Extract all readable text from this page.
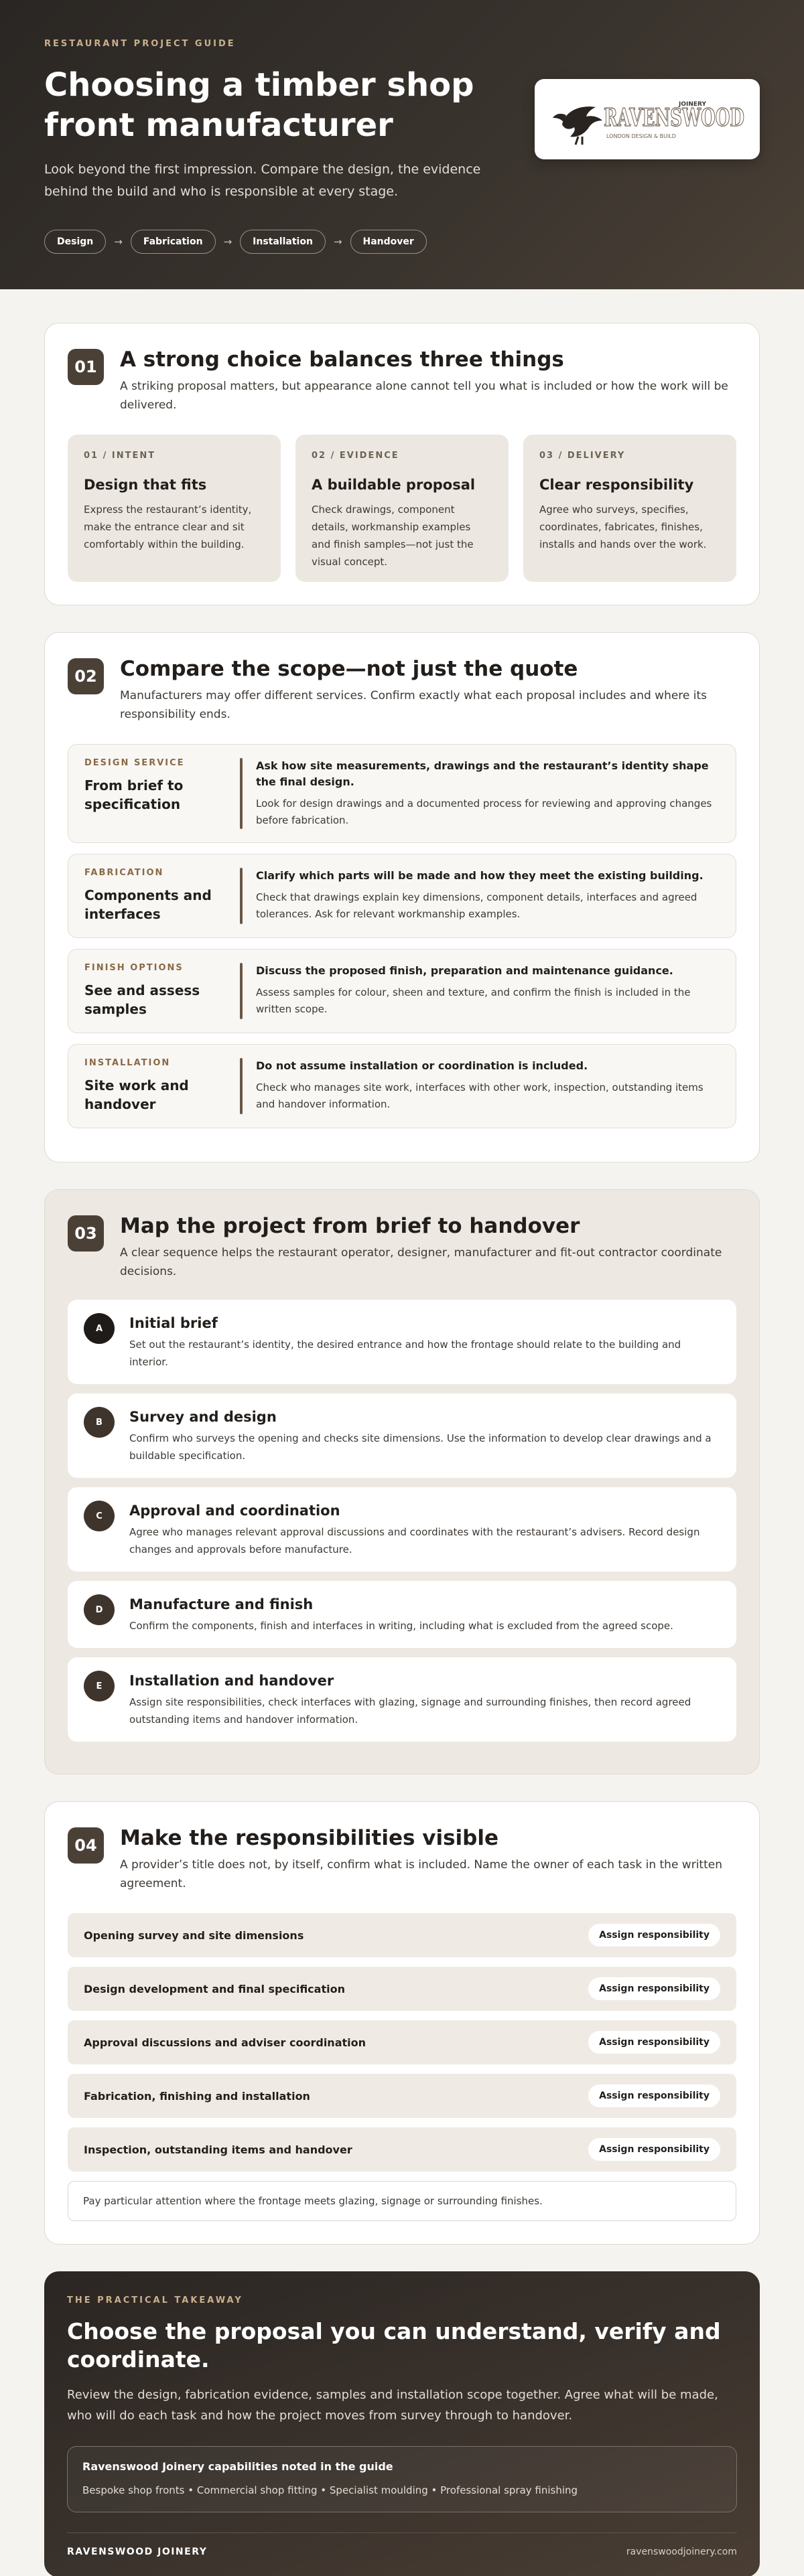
RESTAURANT PROJECT GUIDE
Choosing a timber shop front manufacturer

Look beyond the first impression. Compare the design, the evidence behind the build and who is responsible at every stage.

Design	→	Fabrication	→	Installation	→	Handover
JOINERY
RAVENSWOOD
LONDON DESIGN & BUILD
01	A strong choice balances three things

A striking proposal matters, but appearance alone cannot tell you what is included or how the work will be delivered.

01 / INTENT
Design that fits

Express the restaurant’s identity, make the entrance clear and sit comfortably within the building.

02 / EVIDENCE
A buildable proposal

Check drawings, component details, workmanship examples and finish samples—not just the visual concept.

03 / DELIVERY
Clear responsibility

Agree who surveys, specifies, coordinates, fabricates, finishes, installs and hands over the work.

02	Compare the scope—not just the quote

Manufacturers may offer different services. Confirm exactly what each proposal includes and where its responsibility ends.

DESIGN SERVICE
From brief to specification
Ask how site measurements, drawings and the restaurant’s identity shape the final design.

Look for design drawings and a documented process for reviewing and approving changes before fabrication.

FABRICATION
Components and interfaces
Clarify which parts will be made and how they meet the existing building.

Check that drawings explain key dimensions, component details, interfaces and agreed tolerances. Ask for relevant workmanship examples.

FINISH OPTIONS
See and assess samples
Discuss the proposed finish, preparation and maintenance guidance.

Assess samples for colour, sheen and texture, and confirm the finish is included in the written scope.

INSTALLATION
Site work and handover
Do not assume installation or coordination is included.

Check who manages site work, interfaces with other work, inspection, outstanding items and handover information.

03	Map the project from brief to handover

A clear sequence helps the restaurant operator, designer, manufacturer and fit-out contractor coordinate decisions.

A	Initial brief

Set out the restaurant’s identity, the desired entrance and how the frontage should relate to the building and interior.

B	Survey and design

Confirm who surveys the opening and checks site dimensions. Use the information to develop clear drawings and a buildable specification.

C	Approval and coordination

Agree who manages relevant approval discussions and coordinates with the restaurant’s advisers. Record design changes and approvals before manufacture.

D	Manufacture and finish

Confirm the components, finish and interfaces in writing, including what is excluded from the agreed scope.

E	Installation and handover

Assign site responsibilities, check interfaces with glazing, signage and surrounding finishes, then record agreed outstanding items and handover information.

04	Make the responsibilities visible

A provider’s title does not, by itself, confirm what is included. Name the owner of each task in the written agreement.

Opening survey and site dimensions	Assign responsibility
Design development and final specification	Assign responsibility
Approval discussions and adviser coordination	Assign responsibility
Fabrication, finishing and installation	Assign responsibility
Inspection, outstanding items and handover	Assign responsibility
Pay particular attention where the frontage meets glazing, signage or surrounding finishes.
THE PRACTICAL TAKEAWAY
Choose the proposal you can understand, verify and coordinate.

Review the design, fabrication evidence, samples and installation scope together. Agree what will be made, who will do each task and how the project moves from survey through to handover.

Ravenswood Joinery capabilities noted in the guide

Bespoke shop fronts • Commercial shop fitting • Specialist moulding • Professional spray finishing

RAVENSWOOD JOINERY	ravenswoodjoinery.com
